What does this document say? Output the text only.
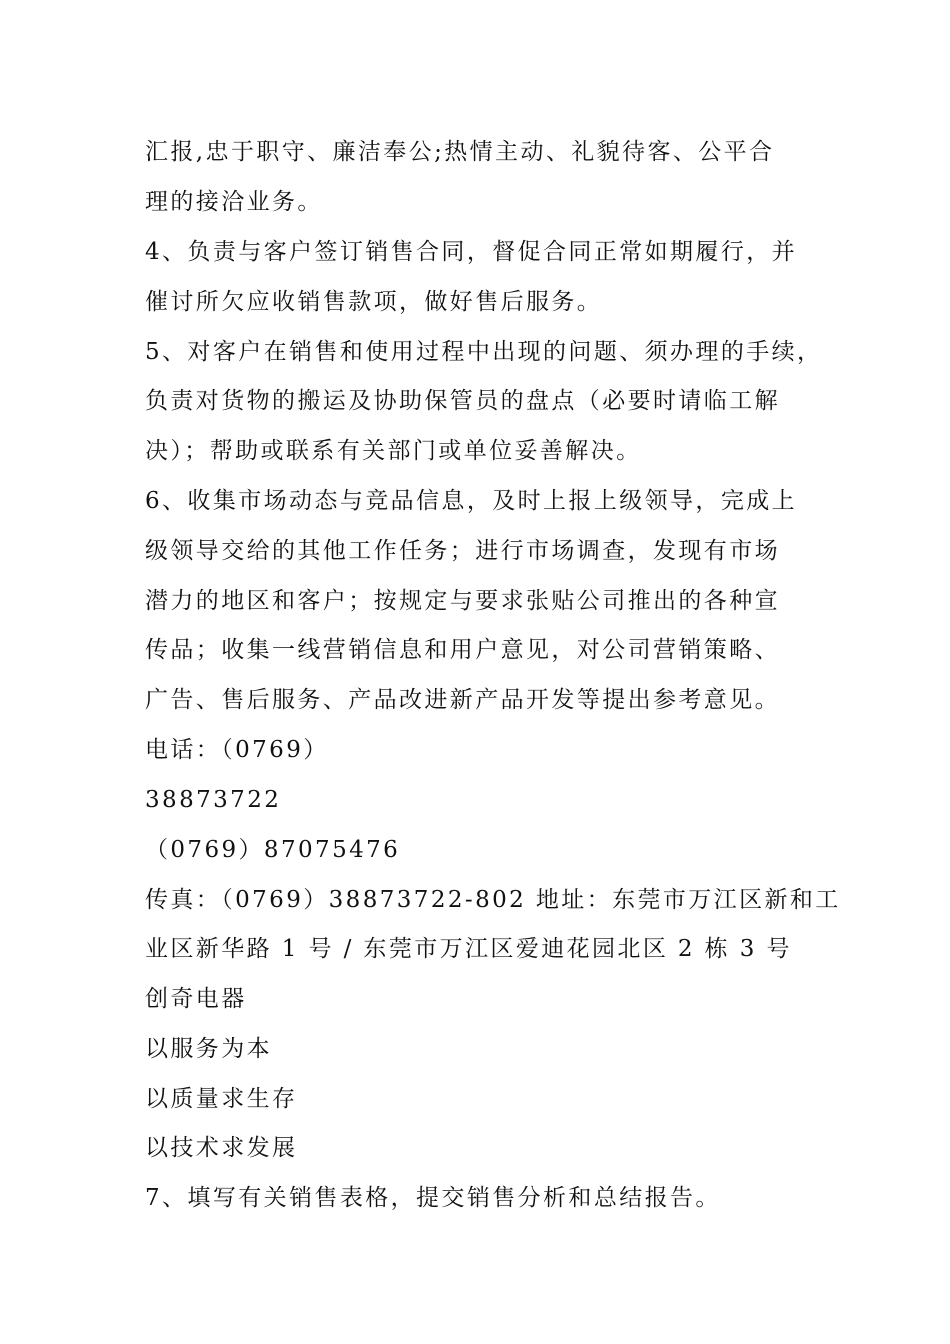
汇报,忠于职守、廉洁奉公;热情主动、礼貌待客、公平合
理的接洽业务。
4、负责与客户签订销售合同，督促合同正常如期履行，并
催讨所欠应收销售款项，做好售后服务。
5、对客户在销售和使用过程中出现的问题、须办理的手续，
负责对货物的搬运及协助保管员的盘点（必要时请临工解
决）；帮助或联系有关部门或单位妥善解决。
6、收集市场动态与竞品信息，及时上报上级领导，完成上
级领导交给的其他工作任务；进行市场调查，发现有市场
潜力的地区和客户；按规定与要求张贴公司推出的各种宣
传品；收集一线营销信息和用户意见，对公司营销策略、
广告、售后服务、产品改进新产品开发等提出参考意见。
电话：（0769）
38873722
（0769）87075476
传真：（0769）38873722-802 地址：东莞市万江区新和工
业区新华路 1 号 / 东莞市万江区爱迪花园北区 2 栋 3 号
创奇电器
以服务为本
以质量求生存
以技术求发展
7、填写有关销售表格，提交销售分析和总结报告。
